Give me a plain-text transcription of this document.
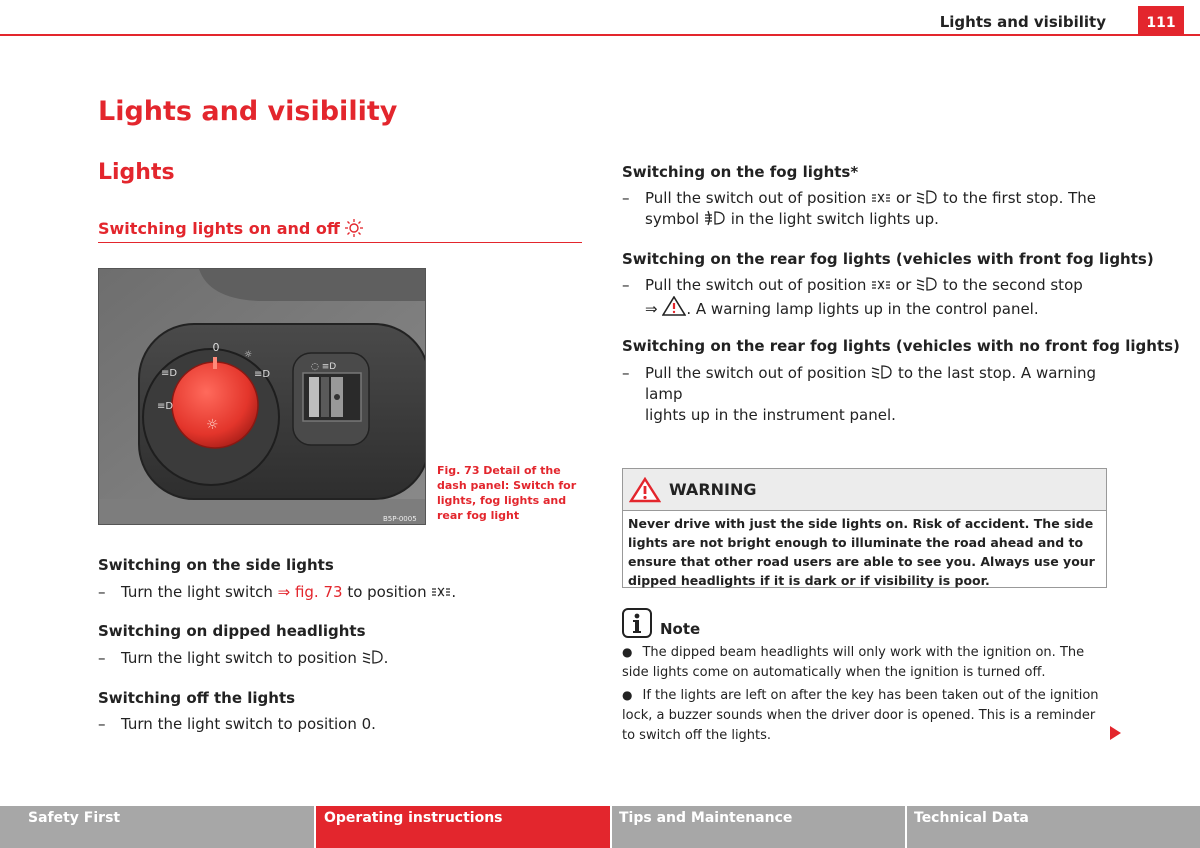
Lights and visibility	111
Lights and visibility
Lights
Switching lights on and off
0
☼
≡D	≡D
≡D
☼
◌ ≡D
B5P-0005
Fig. 73 Detail of the dash panel: Switch for lights, fog lights and rear fog light
Switching on the side lights
–	Turn the light switch ⇒ fig. 73 to position .
Switching on dipped headlights
–	Turn the light switch to position .
Switching off the lights
–	Turn the light switch to position 0.
Switching on the fog lights*
–	Pull the switch out of position or to the first stop. The
symbol in the light switch lights up.
Switching on the rear fog lights (vehicles with front fog lights)
–	Pull the switch out of position or to the second stop
⇒ . A warning lamp lights up in the control panel.
Switching on the rear fog lights (vehicles with no front fog lights)
–	Pull the switch out of position to the last stop. A warning lamp
lights up in the instrument panel.
WARNING
Never drive with just the side lights on. Risk of accident. The side lights are not bright enough to illuminate the road ahead and to ensure that other road users are able to see you. Always use your dipped headlights if it is dark or if visibility is poor.
Note
● The dipped beam headlights will only work with the ignition on. The side lights come on automatically when the ignition is turned off.
● If the lights are left on after the key has been taken out of the ignition lock, a buzzer sounds when the driver door is opened. This is a reminder to switch off the lights.
Safety First	Operating instructions	Tips and Maintenance	Technical Data
